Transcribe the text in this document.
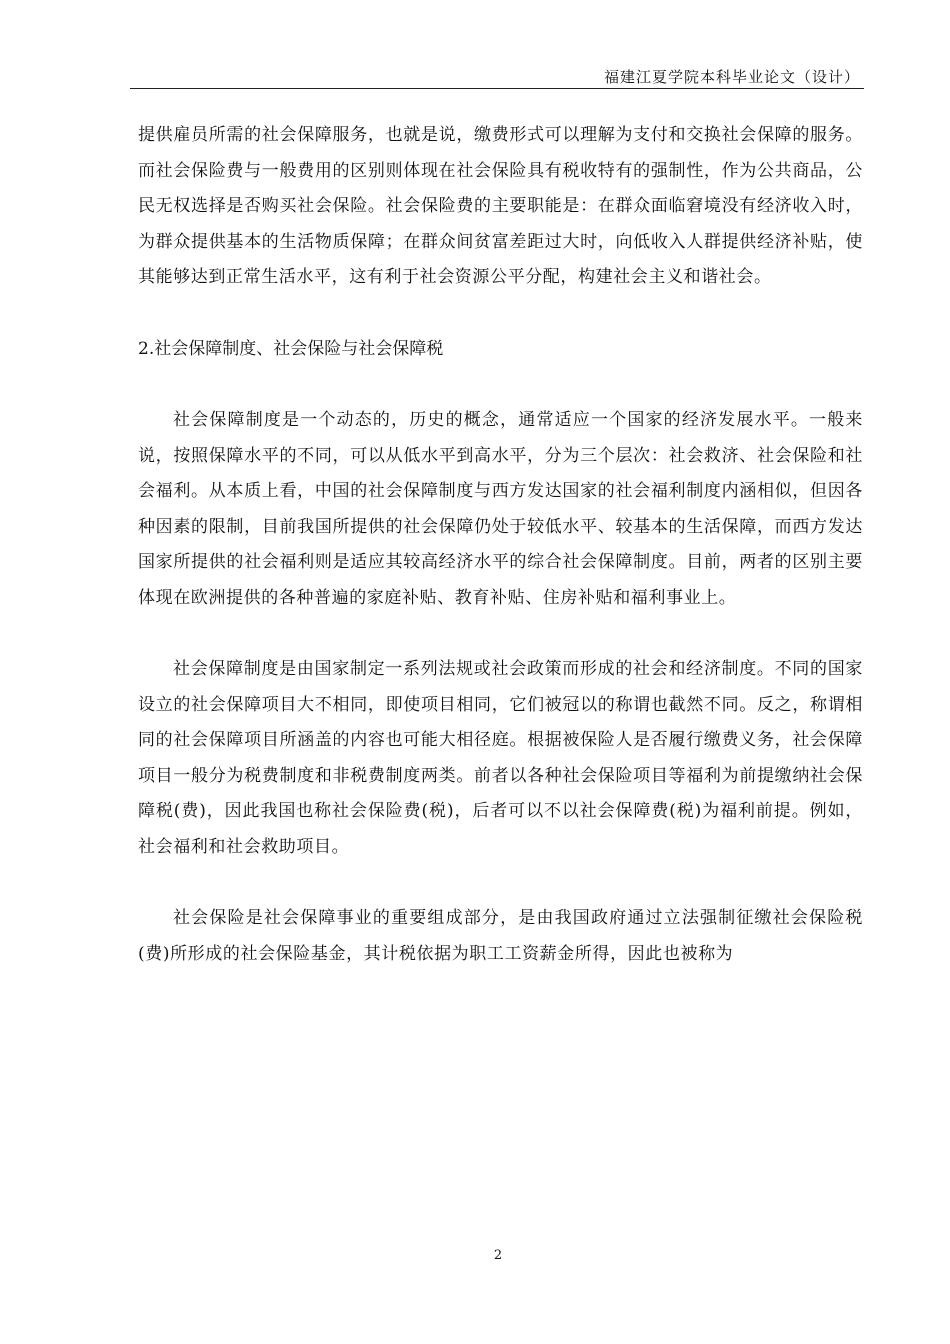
福建江夏学院本科毕业论文（设计）

提供雇员所需的社会保障服务，也就是说，缴费形式可以理解为支付和交换社会保障的服务。而社会保险费与一般费用的区别则体现在社会保险具有税收特有的强制性，作为公共商品，公民无权选择是否购买社会保险。社会保险费的主要职能是：在群众面临窘境没有经济收入时，为群众提供基本的生活物质保障；在群众间贫富差距过大时，向低收入人群提供经济补贴，使其能够达到正常生活水平，这有利于社会资源公平分配，构建社会主义和谐社会。

2.社会保障制度、社会保险与社会保障税

社会保障制度是一个动态的，历史的概念，通常适应一个国家的经济发展水平。一般来说，按照保障水平的不同，可以从低水平到高水平，分为三个层次：社会救济、社会保险和社会福利。从本质上看，中国的社会保障制度与西方发达国家的社会福利制度内涵相似，但因各种因素的限制，目前我国所提供的社会保障仍处于较低水平、较基本的生活保障，而西方发达国家所提供的社会福利则是适应其较高经济水平的综合社会保障制度。目前，两者的区别主要体现在欧洲提供的各种普遍的家庭补贴、教育补贴、住房补贴和福利事业上。

社会保障制度是由国家制定一系列法规或社会政策而形成的社会和经济制度。不同的国家设立的社会保障项目大不相同，即使项目相同，它们被冠以的称谓也截然不同。反之，称谓相同的社会保障项目所涵盖的内容也可能大相径庭。根据被保险人是否履行缴费义务，社会保障项目一般分为税费制度和非税费制度两类。前者以各种社会保险项目等福利为前提缴纳社会保障税(费)，因此我国也称社会保险费(税)，后者可以不以社会保障费(税)为福利前提。例如，社会福利和社会救助项目。

社会保险是社会保障事业的重要组成部分，是由我国政府通过立法强制征缴社会保险税(费)所形成的社会保险基金，其计税依据为职工工资薪金所得，因此也被称为

2
